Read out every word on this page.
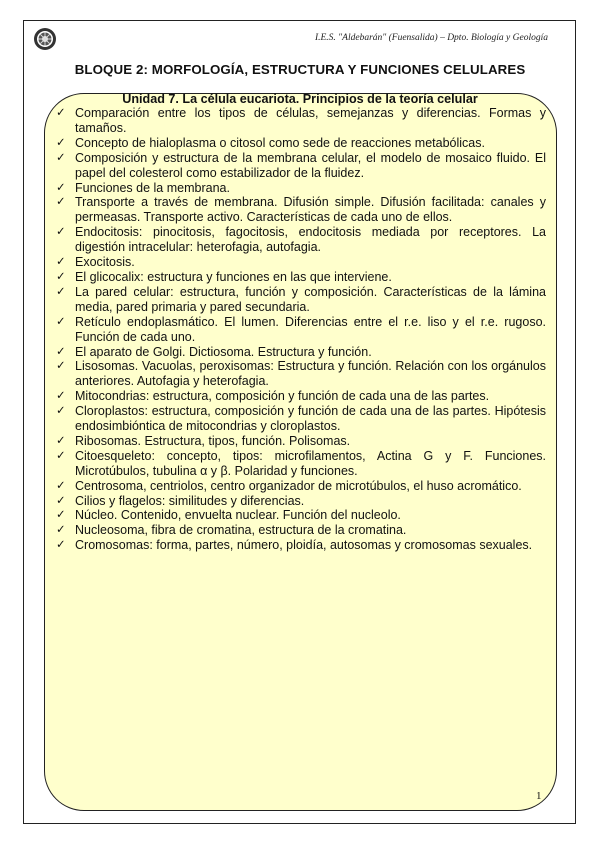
I.E.S. "Aldebarán" (Fuensalida) – Dpto. Biología y Geología
BLOQUE 2: MORFOLOGÍA, ESTRUCTURA Y FUNCIONES CELULARES
Unidad 7. La célula eucariota. Principios de la teoría celular
✓ Comparación entre los tipos de células, semejanzas y diferencias. Formas y tamaños.
✓ Concepto de hialoplasma o citosol como sede de reacciones metabólicas.
✓ Composición y estructura de la membrana celular, el modelo de mosaico fluido. El papel del colesterol como estabilizador de la fluidez.
✓ Funciones de la membrana.
✓ Transporte a través de membrana. Difusión simple. Difusión facilitada: canales y permeasas. Transporte activo. Características de cada uno de ellos.
✓ Endocitosis: pinocitosis, fagocitosis, endocitosis mediada por receptores. La digestión intracelular: heterofagia, autofagia.
✓ Exocitosis.
✓ El glicocalix: estructura y funciones en las que interviene.
✓ La pared celular: estructura, función y composición. Características de la lámina media, pared primaria y pared secundaria.
✓ Retículo endoplasmático. El lumen. Diferencias entre el r.e. liso y el r.e. rugoso. Función de cada uno.
✓ El aparato de Golgi. Dictiosoma. Estructura y función.
✓ Lisosomas. Vacuolas, peroxisomas: Estructura y función. Relación con los orgánulos anteriores. Autofagia y heterofagia.
✓ Mitocondrias: estructura, composición y función de cada una de las partes.
✓ Cloroplastos: estructura, composición y función de cada una de las partes. Hipótesis endosimbióntica de mitocondrias y cloroplastos.
✓ Ribosomas. Estructura, tipos, función. Polisomas.
✓ Citoesqueleto: concepto, tipos: microfilamentos, Actina G y F. Funciones. Microtúbulos, tubulina α y β. Polaridad y funciones.
✓ Centrosoma, centriolos, centro organizador de microtúbulos, el huso acromático.
✓ Cilios y flagelos: similitudes y diferencias.
✓ Núcleo. Contenido, envuelta nuclear. Función del nucleolo.
✓ Nucleosoma, fibra de cromatina, estructura de la cromatina.
✓ Cromosomas: forma, partes, número, ploidía, autosomas y cromosomas sexuales.
1
